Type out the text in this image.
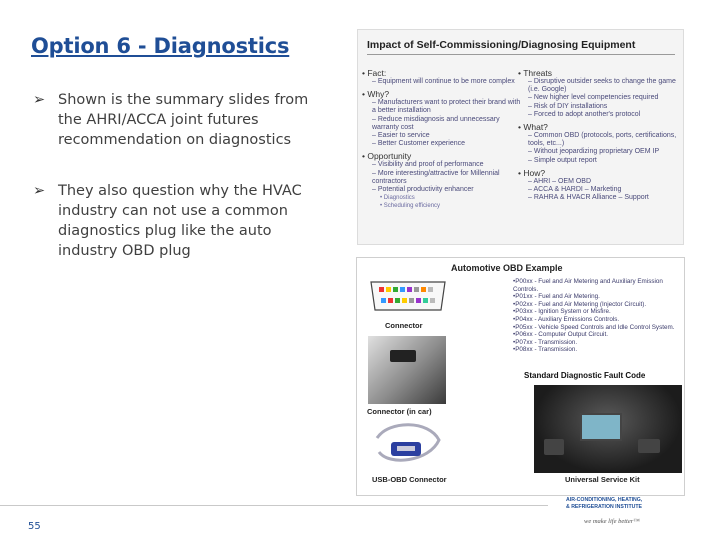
Option 6 - Diagnostics
➢ Shown is the summary slides from the AHRI/ACCA joint futures recommendation on diagnostics
➢ They also question why the HVAC industry can not use a common diagnostics plug like the auto industry OBD plug
55
Impact of Self-Commissioning/Diagnosing Equipment
• Fact:
– Equipment will continue to be more complex
• Why?
– Manufacturers want to protect their brand with a better installation
– Reduce misdiagnosis and unnecessary warranty cost
– Easier to service
– Better Customer experience
• Opportunity
– Visibility and proof of performance
– More interesting/attractive for Millennial contractors
– Potential productivity enhancer
• Diagnostics
• Scheduling efficiency
• Threats
– Disruptive outsider seeks to change the game (i.e. Google)
– New higher level competencies required
– Risk of DIY installations
– Forced to adopt another's protocol
• What?
– Common OBD (protocols, ports, certifications, tools, etc...)
– Without jeopardizing proprietary OEM IP
– Simple output report
• How?
– AHRI – OEM OBD
– ACCA & HARDI – Marketing
– RAHRA & HVACR Alliance – Support
Automotive OBD Example
Connector
Connector (in car)
USB-OBD Connector
•P00xx - Fuel and Air Metering and Auxiliary Emission Controls.
•P01xx - Fuel and Air Metering.
•P02xx - Fuel and Air Metering (Injector Circuit).
•P03xx - Ignition System or Misfire.
•P04xx - Auxiliary Emissions Controls.
•P05xx - Vehicle Speed Controls and Idle Control System.
•P06xx - Computer Output Circuit.
•P07xx - Transmission.
•P08xx - Transmission.
Standard Diagnostic Fault Code
Universal Service Kit
AIR-CONDITIONING, HEATING,
& REFRIGERATION INSTITUTE
we make life better™
